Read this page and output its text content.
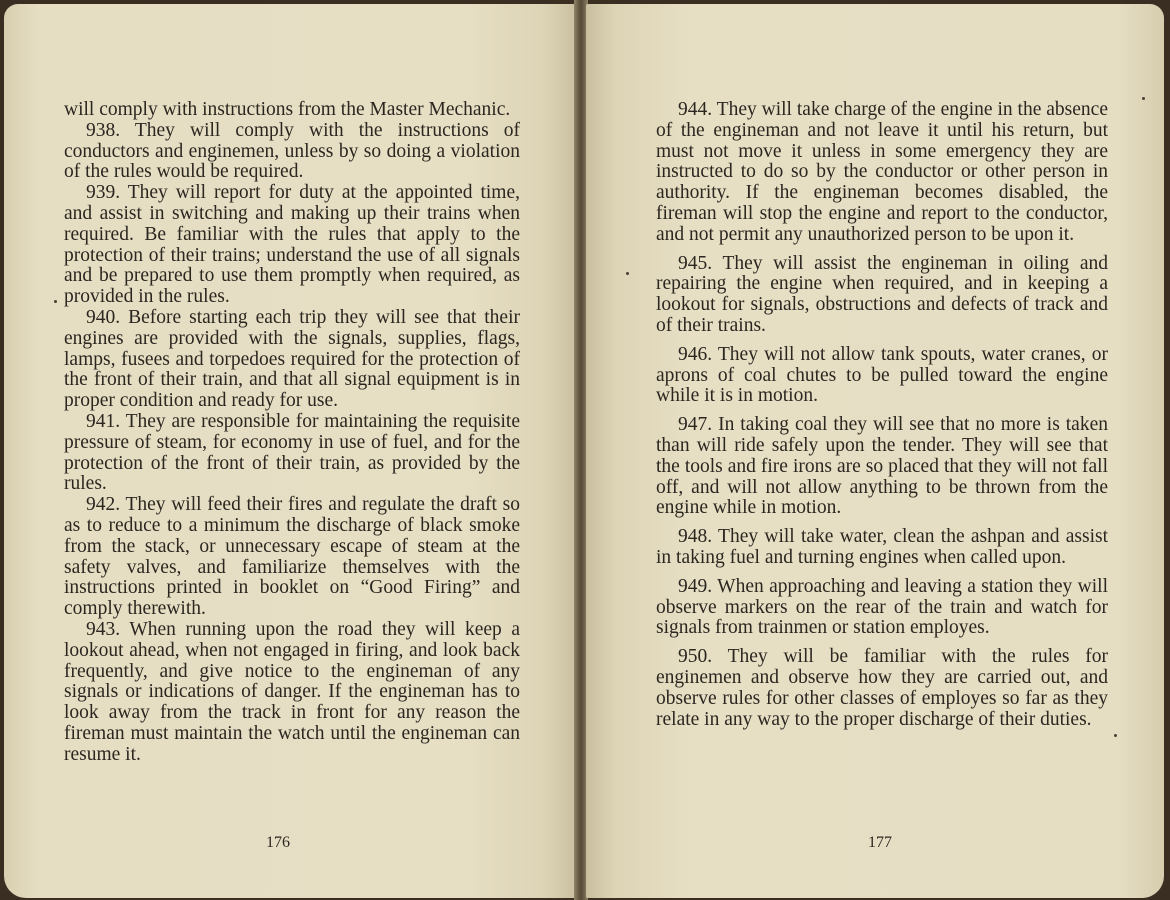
will comply with instructions from the Master Mechanic.

938. They will comply with the instructions of conductors and enginemen, unless by so doing a violation of the rules would be required.

939. They will report for duty at the appointed time, and assist in switching and making up their trains when required. Be familiar with the rules that apply to the protection of their trains; understand the use of all signals and be prepared to use them promptly when required, as provided in the rules.

940. Before starting each trip they will see that their engines are provided with the signals, supplies, flags, lamps, fusees and torpedoes required for the protection of the front of their train, and that all signal equipment is in proper condition and ready for use.

941. They are responsible for maintaining the requisite pressure of steam, for economy in use of fuel, and for the protection of the front of their train, as provided by the rules.

942. They will feed their fires and regulate the draft so as to reduce to a minimum the discharge of black smoke from the stack, or unnecessary escape of steam at the safety valves, and familiarize themselves with the instructions printed in booklet on “Good Firing” and comply therewith.

943. When running upon the road they will keep a lookout ahead, when not engaged in firing, and look back frequently, and give notice to the engineman of any signals or indications of danger. If the engineman has to look away from the track in front for any reason the fireman must maintain the watch until the engineman can resume it.

176

944. They will take charge of the engine in the absence of the engineman and not leave it until his return, but must not move it unless in some emergency they are instructed to do so by the conductor or other person in authority. If the engineman becomes disabled, the fireman will stop the engine and report to the conductor, and not permit any unauthorized person to be upon it.

945. They will assist the engineman in oiling and repairing the engine when required, and in keeping a lookout for signals, obstructions and defects of track and of their trains.

946. They will not allow tank spouts, water cranes, or aprons of coal chutes to be pulled toward the engine while it is in motion.

947. In taking coal they will see that no more is taken than will ride safely upon the tender. They will see that the tools and fire irons are so placed that they will not fall off, and will not allow anything to be thrown from the engine while in motion.

948. They will take water, clean the ashpan and assist in taking fuel and turning engines when called upon.

949. When approaching and leaving a station they will observe markers on the rear of the train and watch for signals from trainmen or station employes.

950. They will be familiar with the rules for enginemen and observe how they are carried out, and observe rules for other classes of employes so far as they relate in any way to the proper discharge of their duties.

177
